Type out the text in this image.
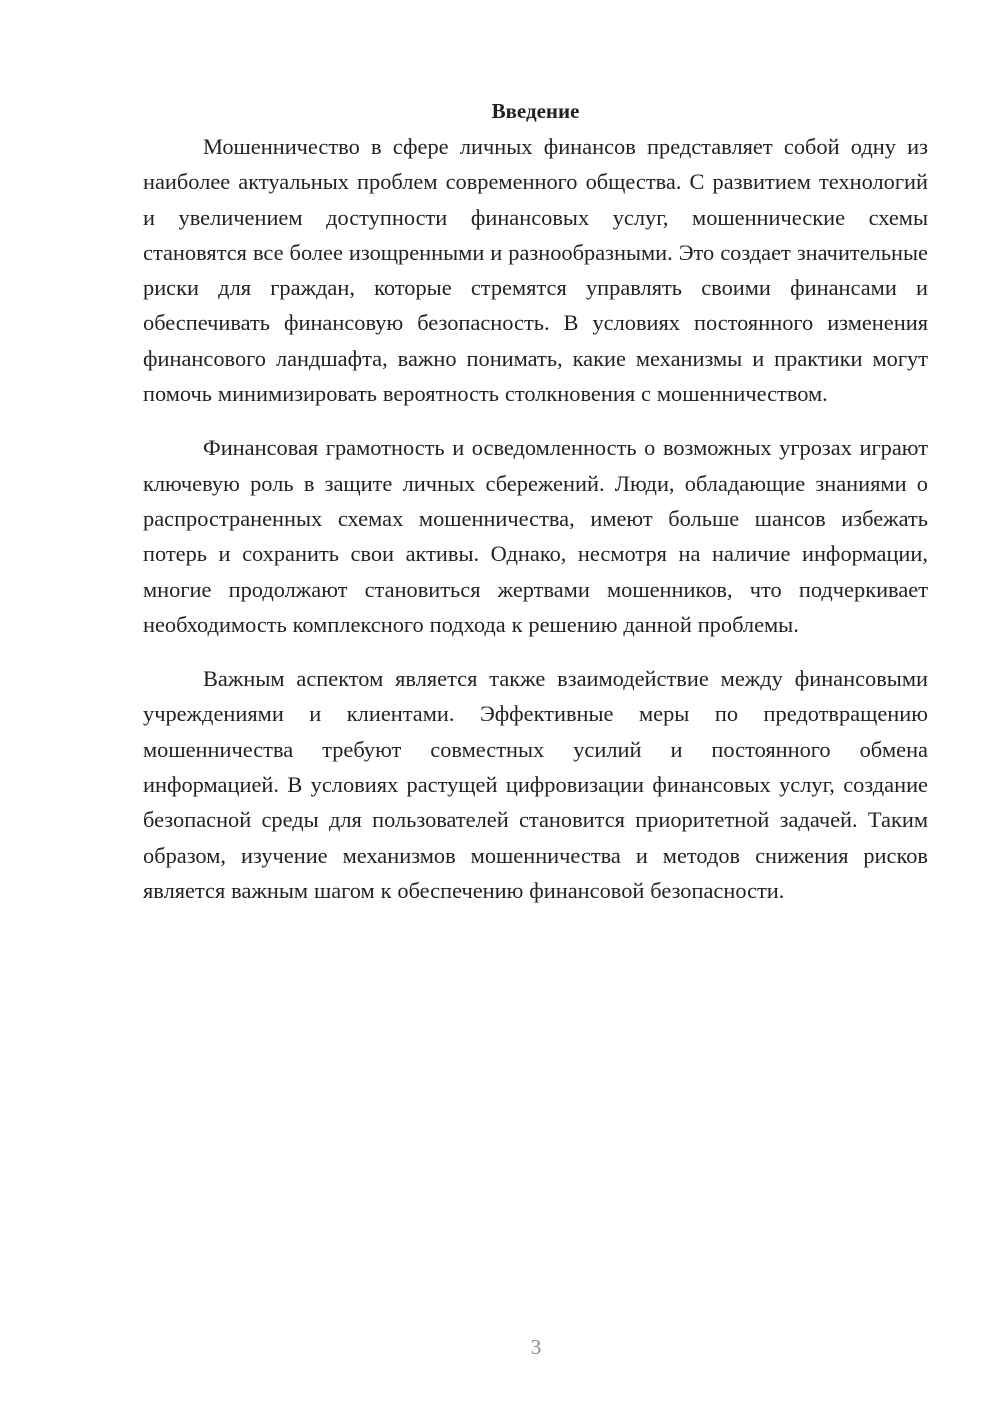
Введение

Мошенничество в сфере личных финансов представляет собой одну из наиболее актуальных проблем современного общества. С развитием технологий и увеличением доступности финансовых услуг, мошеннические схемы становятся все более изощренными и разнообразными. Это создает значительные риски для граждан, которые стремятся управлять своими финансами и обеспечивать финансовую безопасность. В условиях постоянного изменения финансового ландшафта, важно понимать, какие механизмы и практики могут помочь минимизировать вероятность столкновения с мошенничеством.

Финансовая грамотность и осведомленность о возможных угрозах играют ключевую роль в защите личных сбережений. Люди, обладающие знаниями о распространенных схемах мошенничества, имеют больше шансов избежать потерь и сохранить свои активы. Однако, несмотря на наличие информации, многие продолжают становиться жертвами мошенников, что подчеркивает необходимость комплексного подхода к решению данной проблемы.

Важным аспектом является также взаимодействие между финансовыми учреждениями и клиентами. Эффективные меры по предотвращению мошенничества требуют совместных усилий и постоянного обмена информацией. В условиях растущей цифровизации финансовых услуг, создание безопасной среды для пользователей становится приоритетной задачей. Таким образом, изучение механизмов мошенничества и методов снижения рисков является важным шагом к обеспечению финансовой безопасности.

3
